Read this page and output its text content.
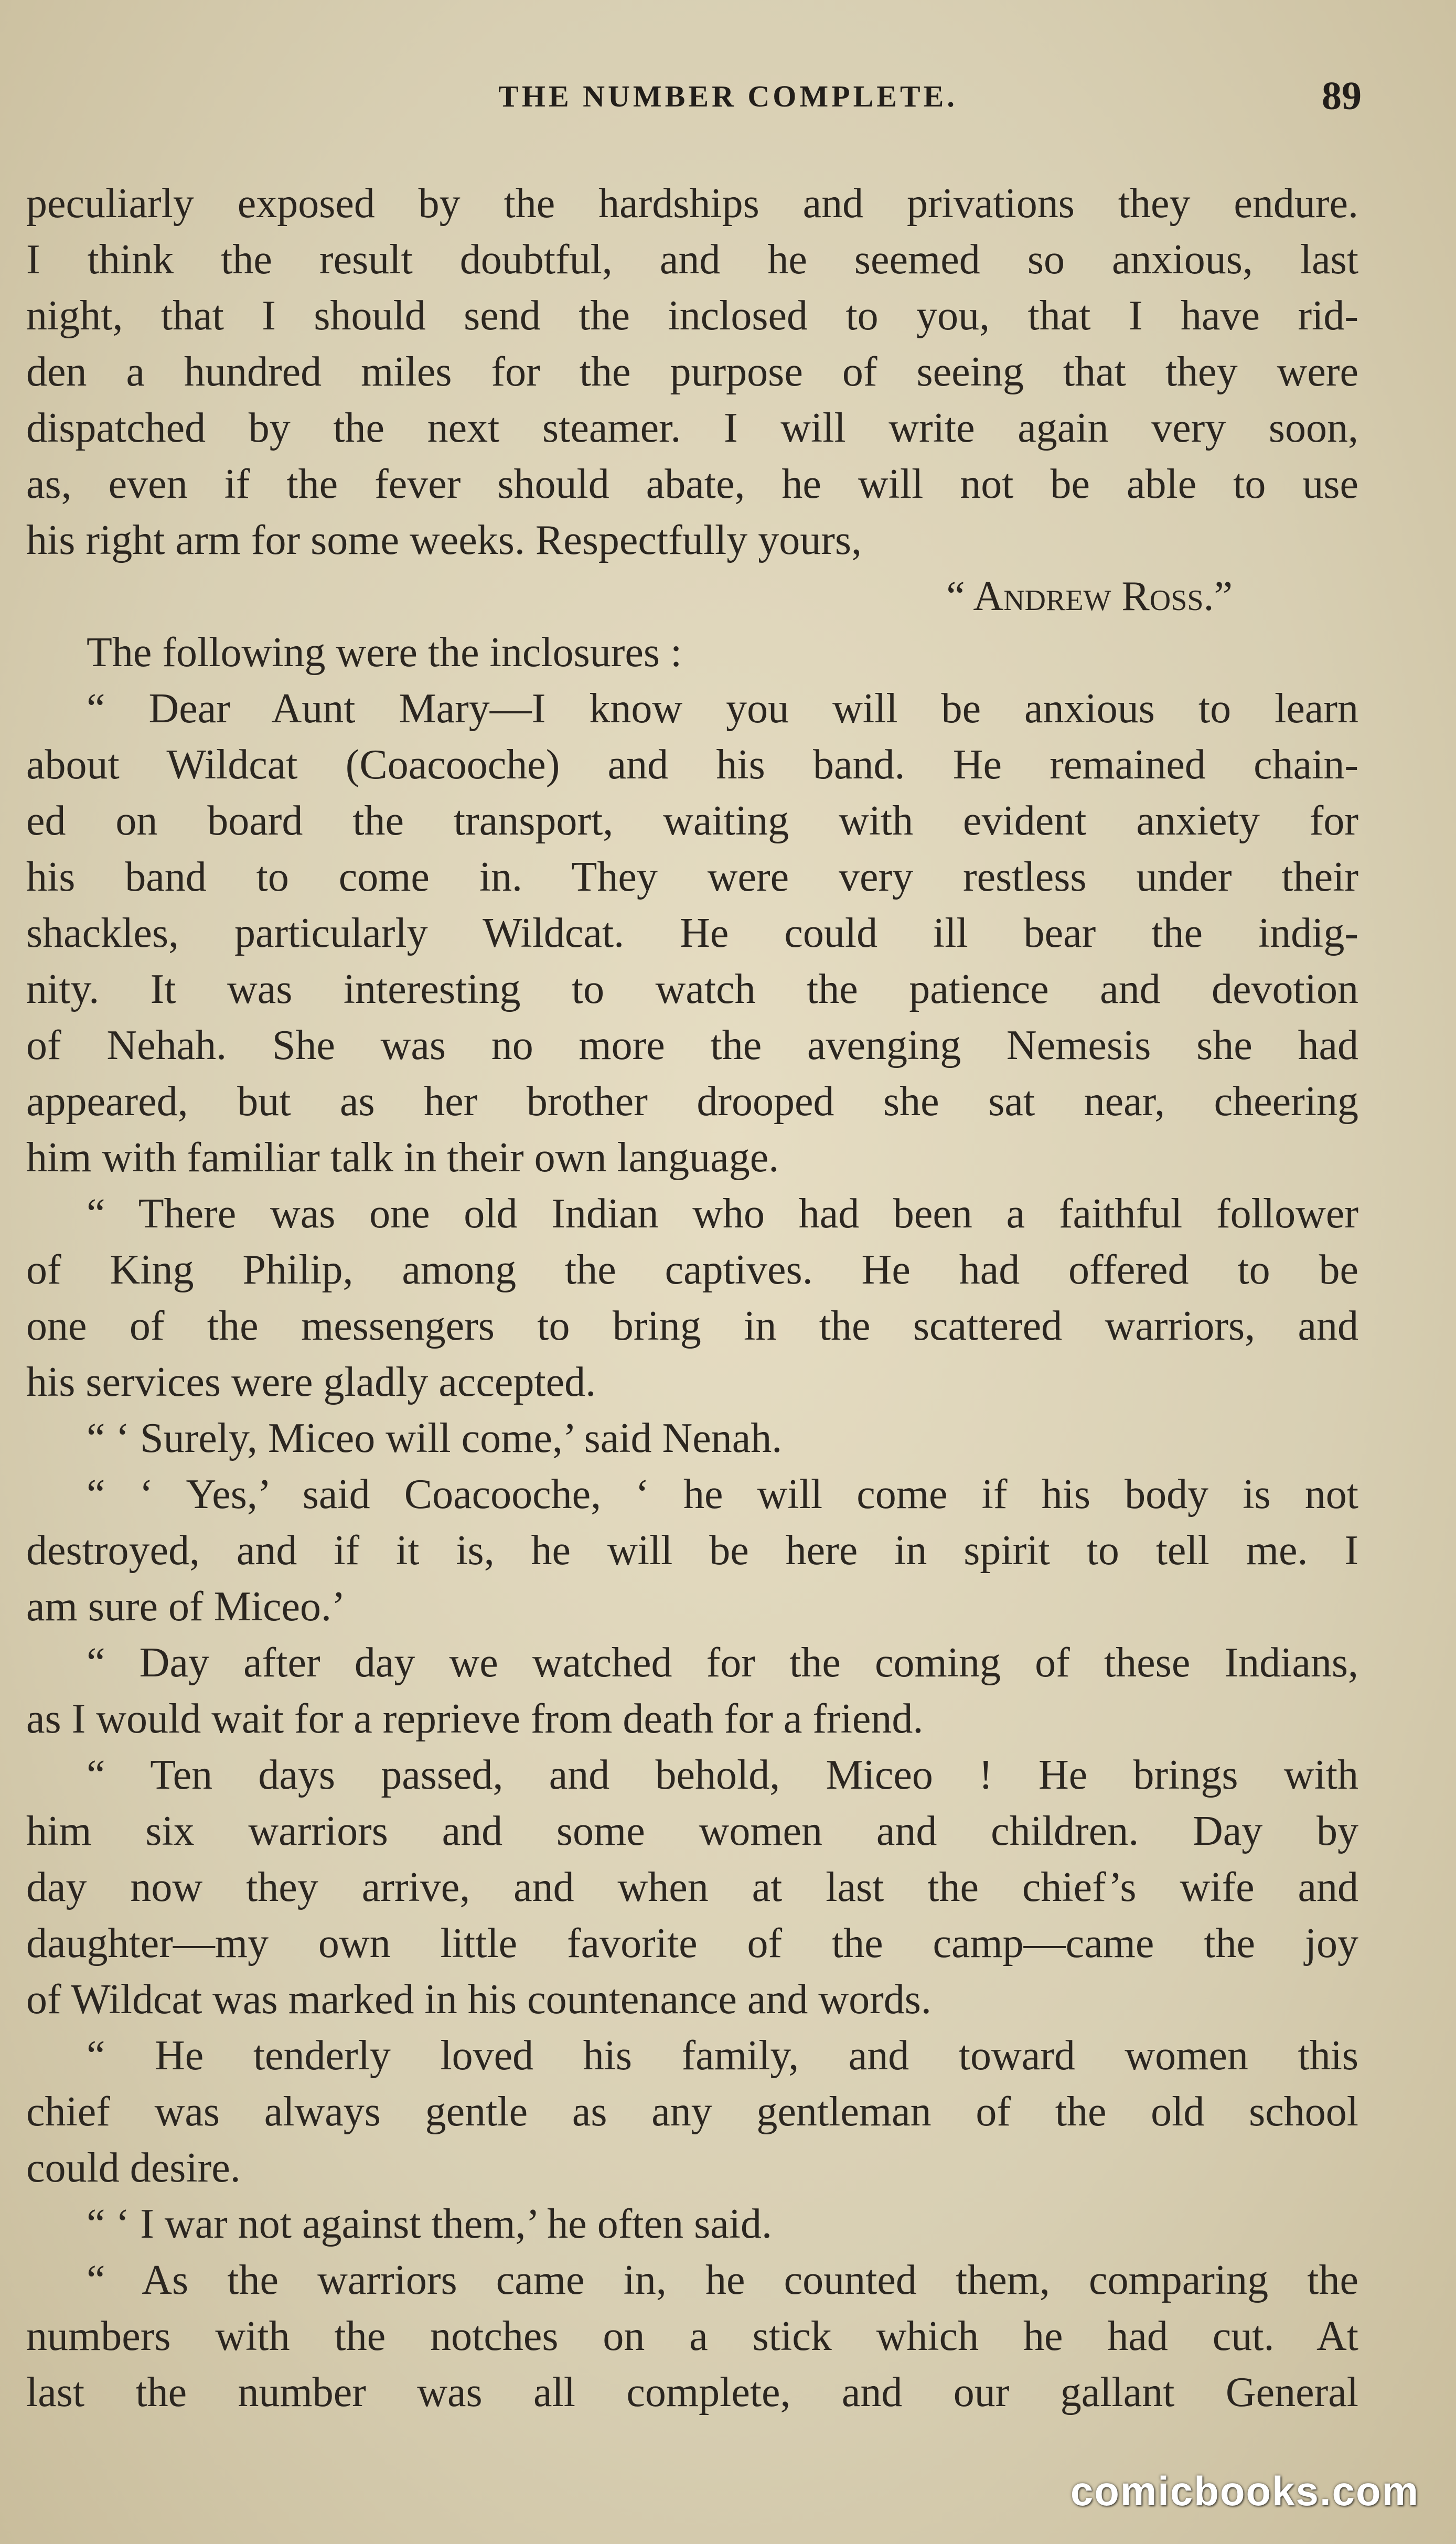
THE NUMBER COMPLETE.	89
peculiarly exposed by the hardships and privations they endure.
I think the result doubtful, and he seemed so anxious, last
night, that I should send the inclosed to you, that I have rid-
den a hundred miles for the purpose of seeing that they were
dispatched by the next steamer. I will write again very soon,
as, even if the fever should abate, he will not be able to use
his right arm for some weeks. Respectfully yours,
“ Andrew Ross.”
The following were the inclosures :
“ Dear Aunt Mary—I know you will be anxious to learn
about Wildcat (Coacooche) and his band. He remained chain-
ed on board the transport, waiting with evident anxiety for
his band to come in. They were very restless under their
shackles, particularly Wildcat. He could ill bear the indig-
nity. It was interesting to watch the patience and devotion
of Nehah. She was no more the avenging Nemesis she had
appeared, but as her brother drooped she sat near, cheering
him with familiar talk in their own language.
“ There was one old Indian who had been a faithful follower
of King Philip, among the captives. He had offered to be
one of the messengers to bring in the scattered warriors, and
his services were gladly accepted.
“ ‘ Surely, Miceo will come,’ said Nenah.
“ ‘ Yes,’ said Coacooche, ‘ he will come if his body is not
destroyed, and if it is, he will be here in spirit to tell me. I
am sure of Miceo.’
“ Day after day we watched for the coming of these Indians,
as I would wait for a reprieve from death for a friend.
“ Ten days passed, and behold, Miceo ! He brings with
him six warriors and some women and children. Day by
day now they arrive, and when at last the chief’s wife and
daughter—my own little favorite of the camp—came the joy
of Wildcat was marked in his countenance and words.
“ He tenderly loved his family, and toward women this
chief was always gentle as any gentleman of the old school
could desire.
“ ‘ I war not against them,’ he often said.
“ As the warriors came in, he counted them, comparing the
numbers with the notches on a stick which he had cut. At
last the number was all complete, and our gallant General
comicbooks.com
